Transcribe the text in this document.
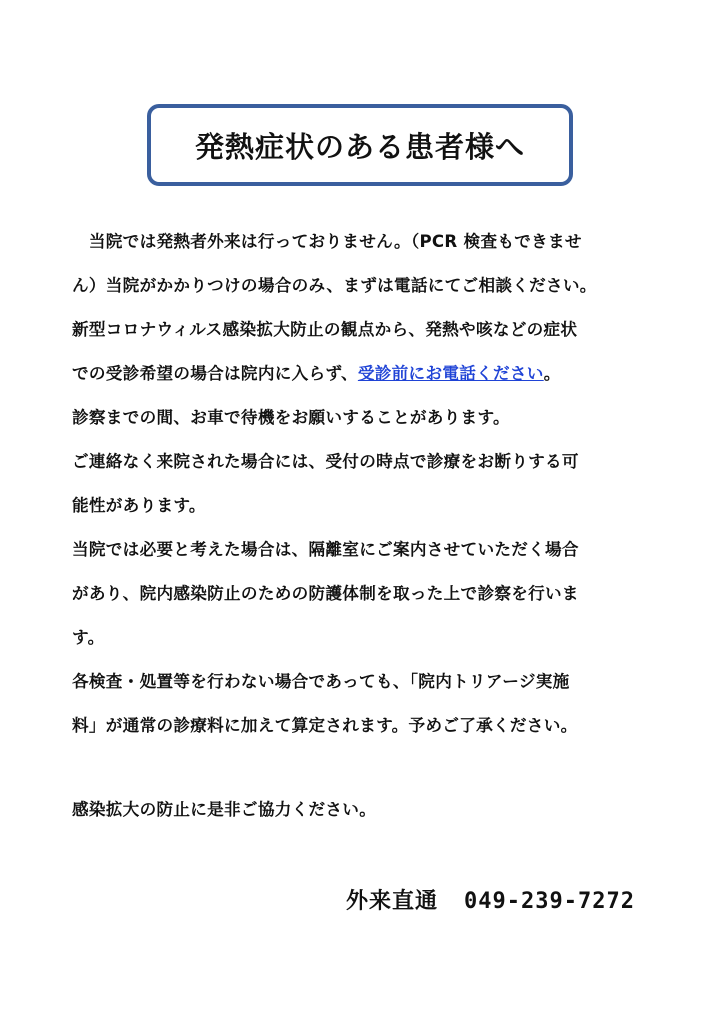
発熱症状のある患者様へ
　当院では発熱者外来は行っておりません。（PCR 検査もできませ
ん）当院がかかりつけの場合のみ、まずは電話にてご相談ください。
新型コロナウィルス感染拡大防止の観点から、発熱や咳などの症状
での受診希望の場合は院内に入らず、受診前にお電話ください。
診察までの間、お車で待機をお願いすることがあります。
ご連絡なく来院された場合には、受付の時点で診療をお断りする可
能性があります。
当院では必要と考えた場合は、隔離室にご案内させていただく場合
があり、院内感染防止のための防護体制を取った上で診察を行いま
す。
各検査・処置等を行わない場合であっても、「院内トリアージ実施
料」が通常の診療料に加えて算定されます。予めご了承ください。
感染拡大の防止に是非ご協力ください。
外来直通 049-239-7272
